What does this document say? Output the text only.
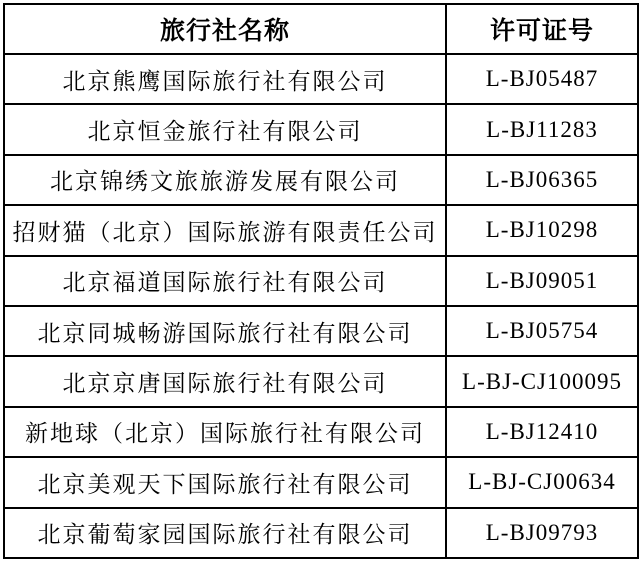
旅行社名称	许可证号
北京熊鹰国际旅行社有限公司	L-BJ05487
北京恒金旅行社有限公司	L-BJ11283
北京锦绣文旅旅游发展有限公司	L-BJ06365
招财猫（北京）国际旅游有限责任公司	L-BJ10298
北京福道国际旅行社有限公司	L-BJ09051
北京同城畅游国际旅行社有限公司	L-BJ05754
北京京唐国际旅行社有限公司	L-BJ-CJ100095
新地球（北京）国际旅行社有限公司	L-BJ12410
北京美观天下国际旅行社有限公司	L-BJ-CJ00634
北京葡萄家园国际旅行社有限公司	L-BJ09793
